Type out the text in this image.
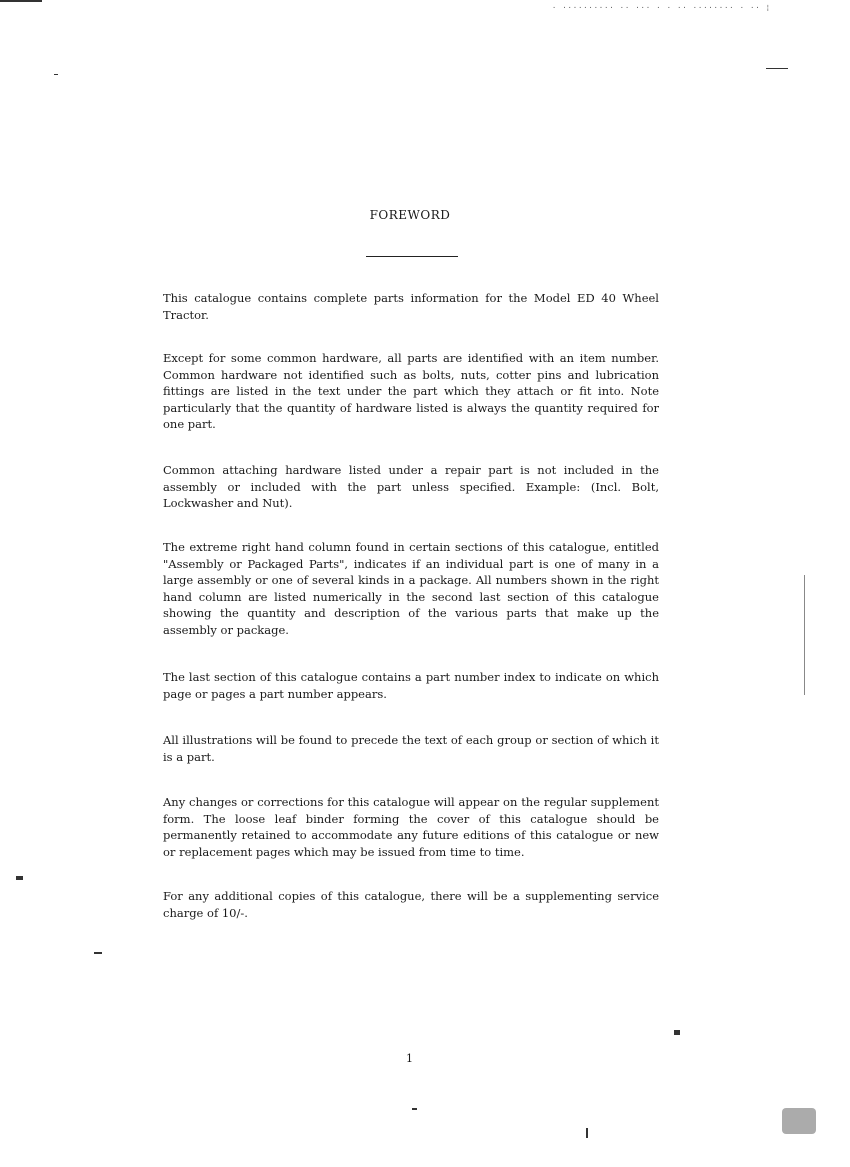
· ·········· ·· ··· · · ·· ········ · ·· ¦
FOREWORD

This catalogue contains complete parts information for the Model ED 40 Wheel Tractor.

Except for some common hardware, all parts are identified with an item number. Common hardware not identified such as bolts, nuts, cotter pins and lubrication fittings are listed in the text under the part which they attach or fit into. Note particularly that the quantity of hardware listed is always the quantity required for one part.

Common attaching hardware listed under a repair part is not included in the assembly or included with the part unless specified. Example: (Incl. Bolt, Lockwasher and Nut).

The extreme right hand column found in certain sections of this catalogue, entitled "Assembly or Packaged Parts", indicates if an individual part is one of many in a large assembly or one of several kinds in a package. All numbers shown in the right hand column are listed numerically in the second last section of this catalogue showing the quantity and description of the various parts that make up the assembly or package.

The last section of this catalogue contains a part number index to indicate on which page or pages a part number appears.

All illustrations will be found to precede the text of each group or section of which it is a part.

Any changes or corrections for this catalogue will appear on the regular supplement form. The loose leaf binder forming the cover of this catalogue should be permanently retained to accommodate any future editions of this catalogue or new or replacement pages which may be issued from time to time.

For any additional copies of this catalogue, there will be a supplementing service charge of 10/-.

1
